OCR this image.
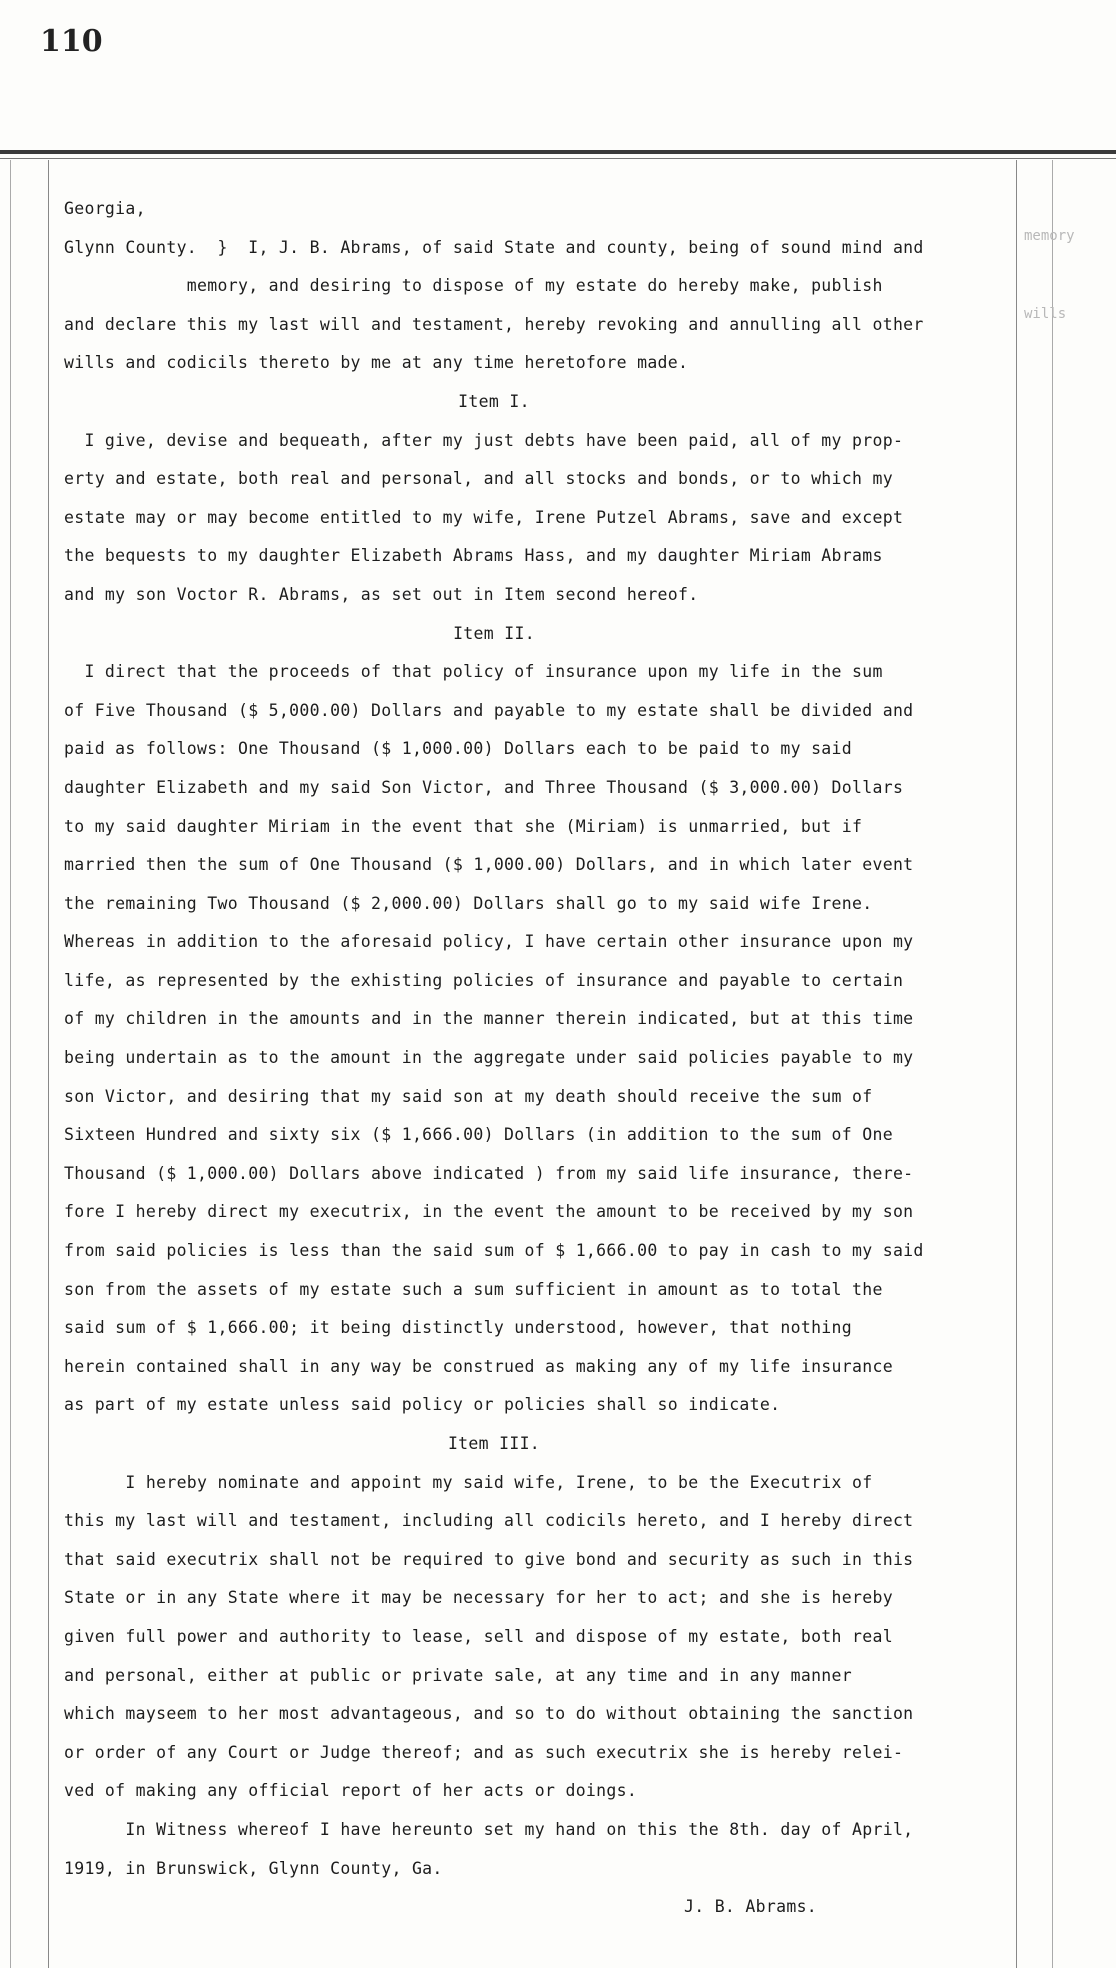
110
memory
wills
Georgia,
Glynn County.  }  I, J. B. Abrams, of said State and county, being of sound mind and
memory, and desiring to dispose of my estate do hereby make, publish
and declare this my last will and testament, hereby revoking and annulling all other
wills and codicils thereto by me at any time heretofore made.
Item I.
I give, devise and bequeath, after my just debts have been paid, all of my prop-
erty and estate, both real and personal, and all stocks and bonds, or to which my
estate may or may become entitled to my wife, Irene Putzel Abrams, save and except
the bequests to my daughter Elizabeth Abrams Hass, and my daughter Miriam Abrams
and my son Voctor R. Abrams, as set out in Item second hereof.
Item II.
I direct that the proceeds of that policy of insurance upon my life in the sum
of Five Thousand ($ 5,000.00) Dollars and payable to my estate shall be divided and
paid as follows: One Thousand ($ 1,000.00) Dollars each to be paid to my said
daughter Elizabeth and my said Son Victor, and Three Thousand ($ 3,000.00) Dollars
to my said daughter Miriam in the event that she (Miriam) is unmarried, but if
married then the sum of One Thousand ($ 1,000.00) Dollars, and in which later event
the remaining Two Thousand ($ 2,000.00) Dollars shall go to my said wife Irene.
Whereas in addition to the aforesaid policy, I have certain other insurance upon my
life, as represented by the exhisting policies of insurance and payable to certain
of my children in the amounts and in the manner therein indicated, but at this time
being undertain as to the amount in the aggregate under said policies payable to my
son Victor, and desiring that my said son at my death should receive the sum of
Sixteen Hundred and sixty six ($ 1,666.00) Dollars (in addition to the sum of One
Thousand ($ 1,000.00) Dollars above indicated ) from my said life insurance, there-
fore I hereby direct my executrix, in the event the amount to be received by my son
from said policies is less than the said sum of $ 1,666.00 to pay in cash to my said
son from the assets of my estate such a sum sufficient in amount as to total the
said sum of $ 1,666.00; it being distinctly understood, however, that nothing
herein contained shall in any way be construed as making any of my life insurance
as part of my estate unless said policy or policies shall so indicate.
Item III.
I hereby nominate and appoint my said wife, Irene, to be the Executrix of
this my last will and testament, including all codicils hereto, and I hereby direct
that said executrix shall not be required to give bond and security as such in this
State or in any State where it may be necessary for her to act; and she is hereby
given full power and authority to lease, sell and dispose of my estate, both real
and personal, either at public or private sale, at any time and in any manner
which mayseem to her most advantageous, and so to do without obtaining the sanction
or order of any Court or Judge thereof; and as such executrix she is hereby relei-
ved of making any official report of her acts or doings.
In Witness whereof I have hereunto set my hand on this the 8th. day of April,
1919, in Brunswick, Glynn County, Ga.
J. B. Abrams.
